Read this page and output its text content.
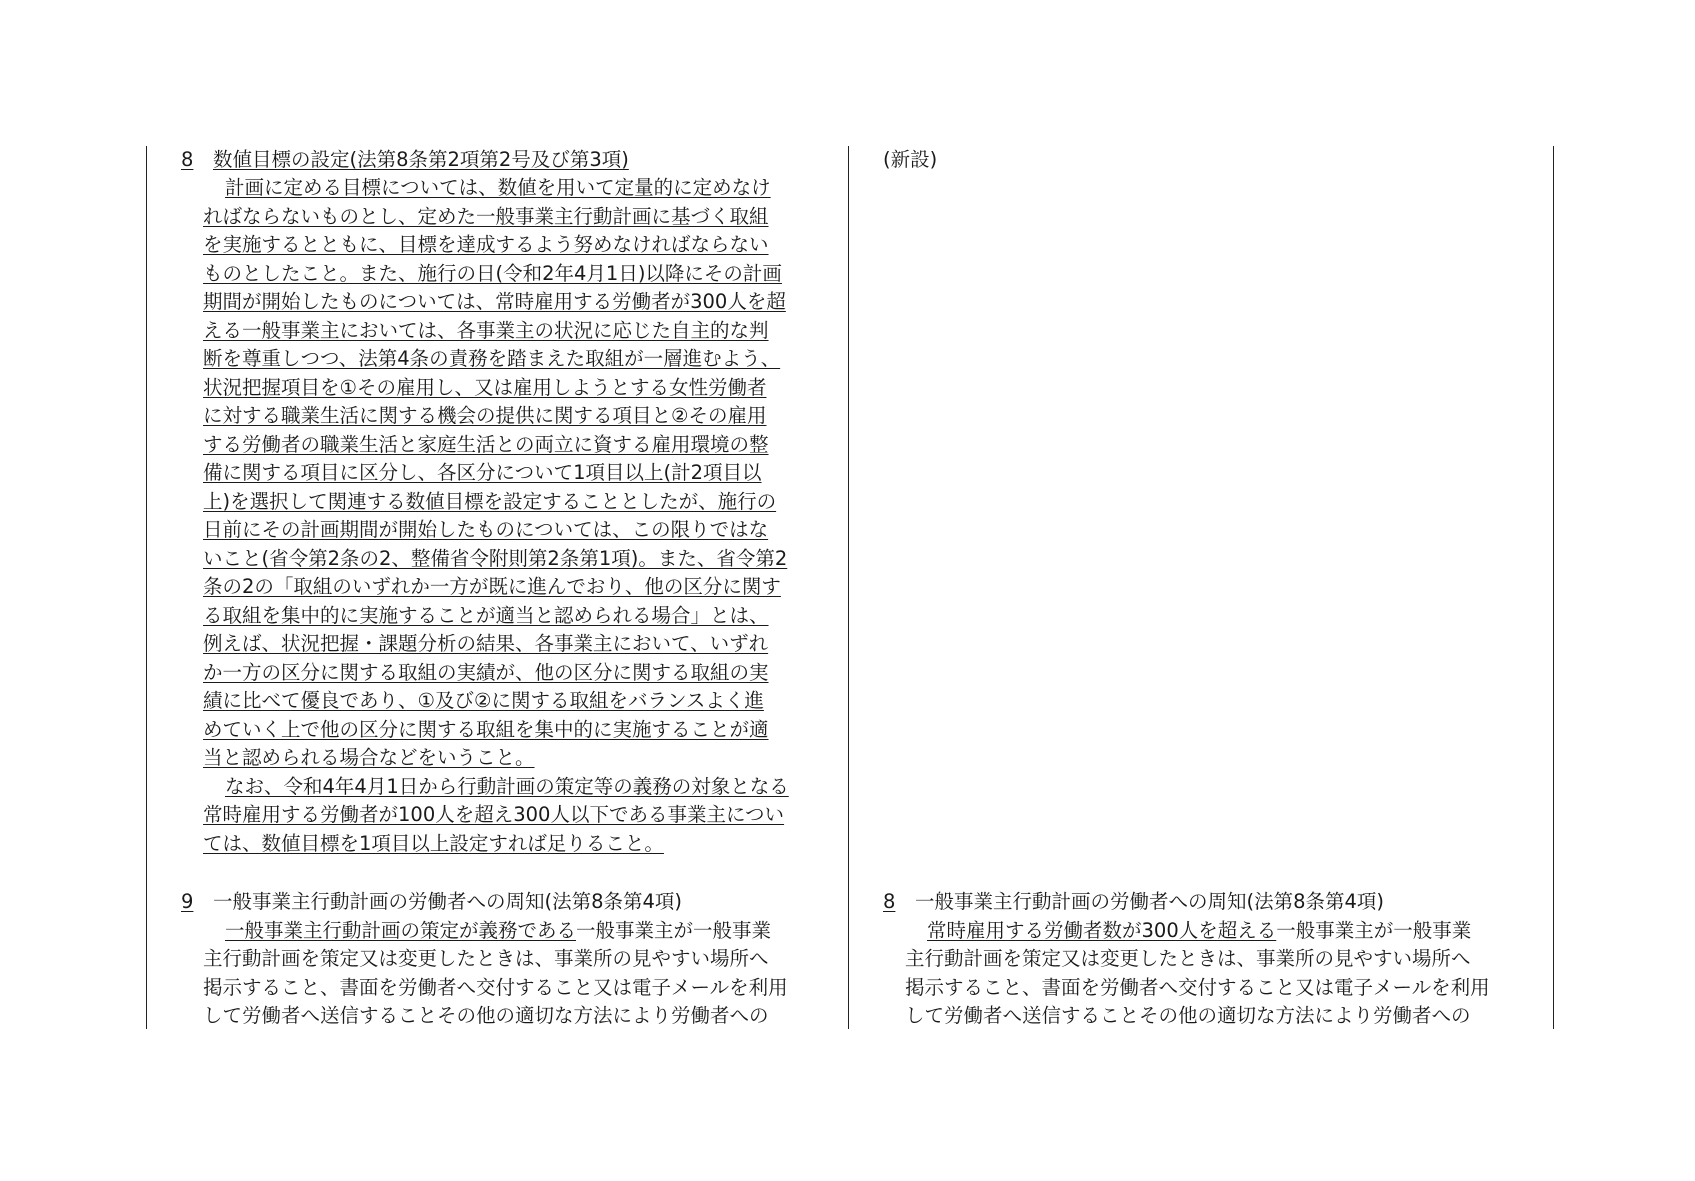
8 数値目標の設定(法第8条第2項第2号及び第3項)
計画に定める目標については、数値を用いて定量的に定めなけ
ればならないものとし、定めた一般事業主行動計画に基づく取組
を実施するとともに、目標を達成するよう努めなければならない
ものとしたこと。また、施行の日(令和2年4月1日)以降にその計画
期間が開始したものについては、常時雇用する労働者が300人を超
える一般事業主においては、各事業主の状況に応じた自主的な判
断を尊重しつつ、法第4条の責務を踏まえた取組が一層進むよう、
状況把握項目を①その雇用し、又は雇用しようとする女性労働者
に対する職業生活に関する機会の提供に関する項目と②その雇用
する労働者の職業生活と家庭生活との両立に資する雇用環境の整
備に関する項目に区分し、各区分について1項目以上(計2項目以
上)を選択して関連する数値目標を設定することとしたが、施行の
日前にその計画期間が開始したものについては、この限りではな
いこと(省令第2条の2、整備省令附則第2条第1項)。また、省令第2
条の2の「取組のいずれか一方が既に進んでおり、他の区分に関す
る取組を集中的に実施することが適当と認められる場合」とは、
例えば、状況把握・課題分析の結果、各事業主において、いずれ
か一方の区分に関する取組の実績が、他の区分に関する取組の実
績に比べて優良であり、①及び②に関する取組をバランスよく進
めていく上で他の区分に関する取組を集中的に実施することが適
当と認められる場合などをいうこと。
なお、令和4年4月1日から行動計画の策定等の義務の対象となる
常時雇用する労働者が100人を超え300人以下である事業主につい
ては、数値目標を1項目以上設定すれば足りること。
9 一般事業主行動計画の労働者への周知(法第8条第4項)
一般事業主行動計画の策定が義務である一般事業主が一般事業
主行動計画を策定又は変更したときは、事業所の見やすい場所へ
掲示すること、書面を労働者へ交付すること又は電子メールを利用
して労働者へ送信することその他の適切な方法により労働者への
(新設)
8 一般事業主行動計画の労働者への周知(法第8条第4項)
常時雇用する労働者数が300人を超える一般事業主が一般事業
主行動計画を策定又は変更したときは、事業所の見やすい場所へ
掲示すること、書面を労働者へ交付すること又は電子メールを利用
して労働者へ送信することその他の適切な方法により労働者への
